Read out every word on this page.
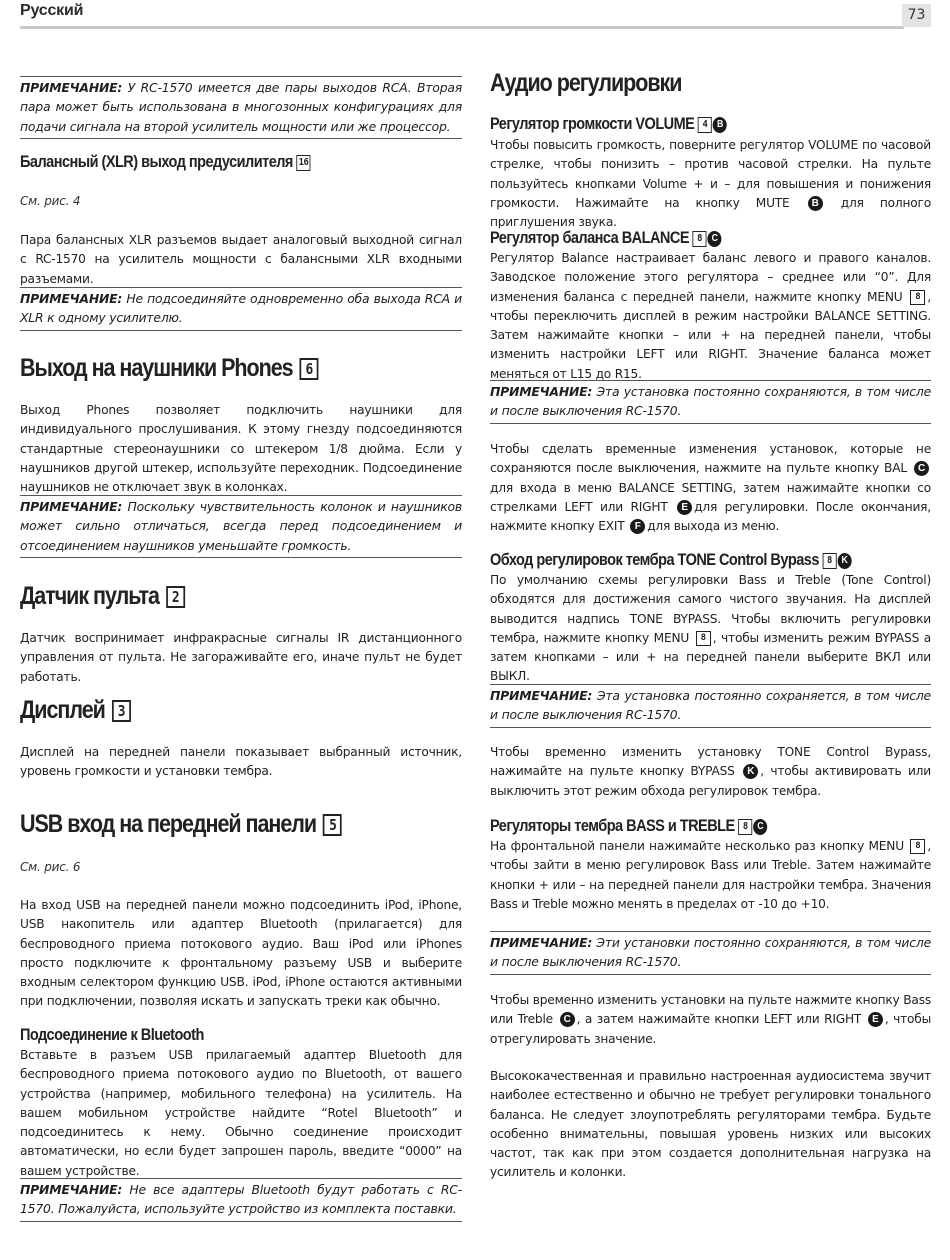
Русский	73
ПРИМЕЧАНИЕ: У RC-1570 имеется две пары выходов RCA. Вторая пара может быть использована в многозонных конфигурациях для подачи сигнала на второй усилитель мощности или же процессор.
Балансный (XLR) выход предусилителя 16

См. рис. 4

Пара балансных XLR разъемов выдает аналоговый выходной сигнал с RC-1570 на усилитель мощности с балансными XLR входными разъемами.

ПРИМЕЧАНИЕ: Не подсоединяйте одновременно оба выхода RCA и XLR к одному усилителю.
Выход на наушники Phones 6

Выход Phones позволяет подключить наушники для индивидуального прослушивания. К этому гнезду подсоединяются стандартные стереонаушники со штекером 1/8 дюйма. Если у наушников другой штекер, используйте переходник. Подсоединение наушников не отключает звук в колонках.

ПРИМЕЧАНИЕ: Поскольку чувствительность колонок и наушников может сильно отличаться, всегда перед подсоединением и отсоединением наушников уменьшайте громкость.
Датчик пульта 2

Датчик воспринимает инфракрасные сигналы IR дистанционного управления от пульта. Не загораживайте его, иначе пульт не будет работать.

Дисплей 3

Дисплей на передней панели показывает выбранный источник, уровень громкости и установки тембра.

USB вход на передней панели 5

См. рис. 6

На вход USB на передней панели можно подсоединить iPod, iPhone, USB накопитель или адаптер Bluetooth (прилагается) для беспроводного приема потокового аудио. Ваш iPod или iPhones просто подключите к фронтальному разъему USB и выберите входным селектором функцию USB. iPod, iPhone остаются активными при подключении, позволяя искать и запускать треки как обычно.

Подсоединение к Bluetooth

Вставьте в разъем USB прилагаемый адаптер Bluetooth для беспроводного приема потокового аудио по Bluetooth, от вашего устройства (например, мобильного телефона) на усилитель. На вашем мобильном устройстве найдите “Rotel Bluetooth” и подсоединитесь к нему. Обычно соединение происходит автоматически, но если будет запрошен пароль, введите “0000” на вашем устройстве.

ПРИМЕЧАНИЕ: Не все адаптеры Bluetooth будут работать с RC-1570. Пожалуйста, используйте устройство из комплекта поставки.
Аудио регулировки
Регулятор громкости VOLUME 4 B

Чтобы повысить громкость, поверните регулятор VOLUME по часовой стрелке, чтобы понизить – против часовой стрелки. На пульте пользуйтесь кнопками Volume + и – для повышения и понижения громкости. Нажимайте на кнопку MUTE B для полного приглушения звука.

Регулятор баланса BALANCE 8 C

Регулятор Balance настраивает баланс левого и правого каналов. Заводское положение этого регулятора – среднее или “0”. Для изменения баланса с передней панели, нажмите кнопку MENU 8 , чтобы переключить дисплей в режим настройки BALANCE SETTING. Затем нажимайте кнопки – или + на передней панели, чтобы изменить настройки LEFT или RIGHT. Значение баланса может меняться от L15 до R15.

ПРИМЕЧАНИЕ: Эта установка постоянно сохраняются, в том числе и после выключения RC-1570.

Чтобы сделать временные изменения установок, которые не сохраняются после выключения, нажмите на пульте кнопку BAL C для входа в меню BALANCE SETTING, затем нажимайте кнопки со стрелками LEFT или RIGHT E для регулировки. После окончания, нажмите кнопку EXIT F для выхода из меню.

Обход регулировок тембра TONE Control Bypass 8 K

По умолчанию схемы регулировки Bass и Treble (Tone Control) обходятся для достижения самого чистого звучания. На дисплей выводится надпись TONE BYPASS. Чтобы включить регулировки тембра, нажмите кнопку MENU 8 , чтобы изменить режим BYPASS а затем кнопками – или + на передней панели выберите ВКЛ или ВЫКЛ.

ПРИМЕЧАНИЕ: Эта установка постоянно сохраняется, в том числе и после выключения RC-1570.

Чтобы временно изменить установку TONE Control Bypass, нажимайте на пульте кнопку BYPASS K , чтобы активировать или выключить этот режим обхода регулировок тембра.

Регуляторы тембра BASS и TREBLE 8 C

На фронтальной панели нажимайте несколько раз кнопку MENU 8 , чтобы зайти в меню регулировок Bass или Treble. Затем нажимайте кнопки + или – на передней панели для настройки тембра. Значения Bass и Treble можно менять в пределах от -10 до +10.

ПРИМЕЧАНИЕ: Эти установки постоянно сохраняются, в том числе и после выключения RC-1570.

Чтобы временно изменить установки на пульте нажмите кнопку Bass или Treble C , а затем нажимайте кнопки LEFT или RIGHT E , чтобы отрегулировать значение.

Высококачественная и правильно настроенная аудиосистема звучит наиболее естественно и обычно не требует регулировки тонального баланса. Не следует злоупотреблять регуляторами тембра. Будьте особенно внимательны, повышая уровень низких или высоких частот, так как при этом создается дополнительная нагрузка на усилитель и колонки.
